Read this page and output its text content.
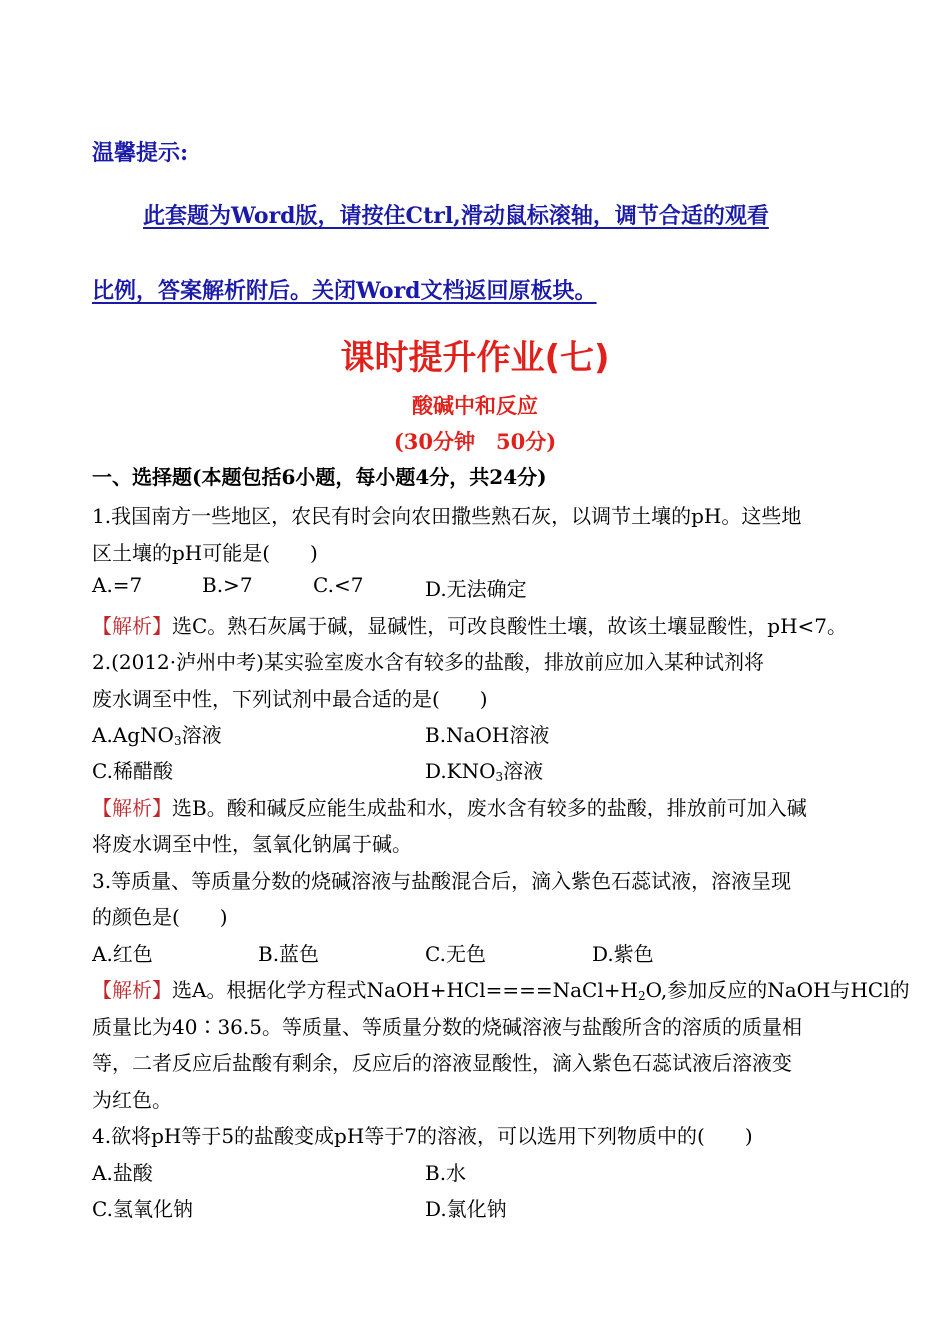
温馨提示:
此套题为Word版，请按住Ctrl,滑动鼠标滚轴，调节合适的观看
比例，答案解析附后。关闭Word文档返回原板块。
课时提升作业(七)
酸碱中和反应
(30分钟　50分)
一、选择题(本题包括6小题，每小题4分，共24分)
1.我国南方一些地区，农民有时会向农田撒些熟石灰，以调节土壤的pH。这些地
区土壤的pH可能是(　　)
A.=7	B.>7	C.<7	D.无法确定
【解析】选C。熟石灰属于碱，显碱性，可改良酸性土壤，故该土壤显酸性，pH<7。
2.(2012·泸州中考)某实验室废水含有较多的盐酸，排放前应加入某种试剂将
废水调至中性，下列试剂中最合适的是(　　)
A.AgNO$_3$溶液	B.NaOH溶液
C.稀醋酸	$D.KNO_3$溶液
【解析】选B。酸和碱反应能生成盐和水，废水含有较多的盐酸，排放前可加入碱
将废水调至中性，氢氧化钠属于碱。
3.等质量、等质量分数的烧碱溶液与盐酸混合后，滴入紫色石蕊试液，溶液呈现
的颜色是(　　)
A.红色	B.蓝色	C.无色	D.紫色
【解析】选A。根据化学方程式$NaOH+HCl====NaCl+H_2O$,参加反应的NaOH与HCl的
质量比为40∶36.5。等质量、等质量分数的烧碱溶液与盐酸所含的溶质的质量相
等，二者反应后盐酸有剩余，反应后的溶液显酸性，滴入紫色石蕊试液后溶液变
为红色。
4.欲将pH等于5的盐酸变成pH等于7的溶液，可以选用下列物质中的(　　)
A.盐酸	B.水
C.氢氧化钠	D.氯化钠
